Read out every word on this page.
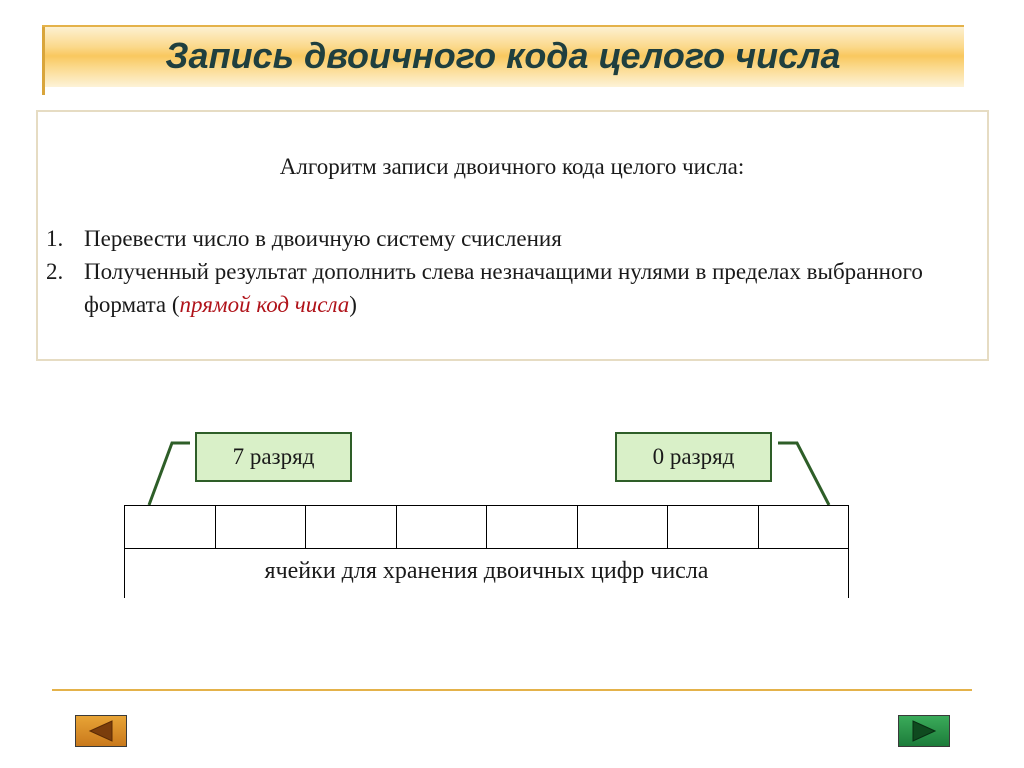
Запись двоичного кода целого числа
Алгоритм записи двоичного кода целого числа:
1. Перевести число в двоичную систему счисления
2. Полученный результат дополнить слева незначащими нулями в пределах выбранного формата (прямой код числа)
7 разряд	0 разряд
ячейки для хранения двоичных цифр числа
